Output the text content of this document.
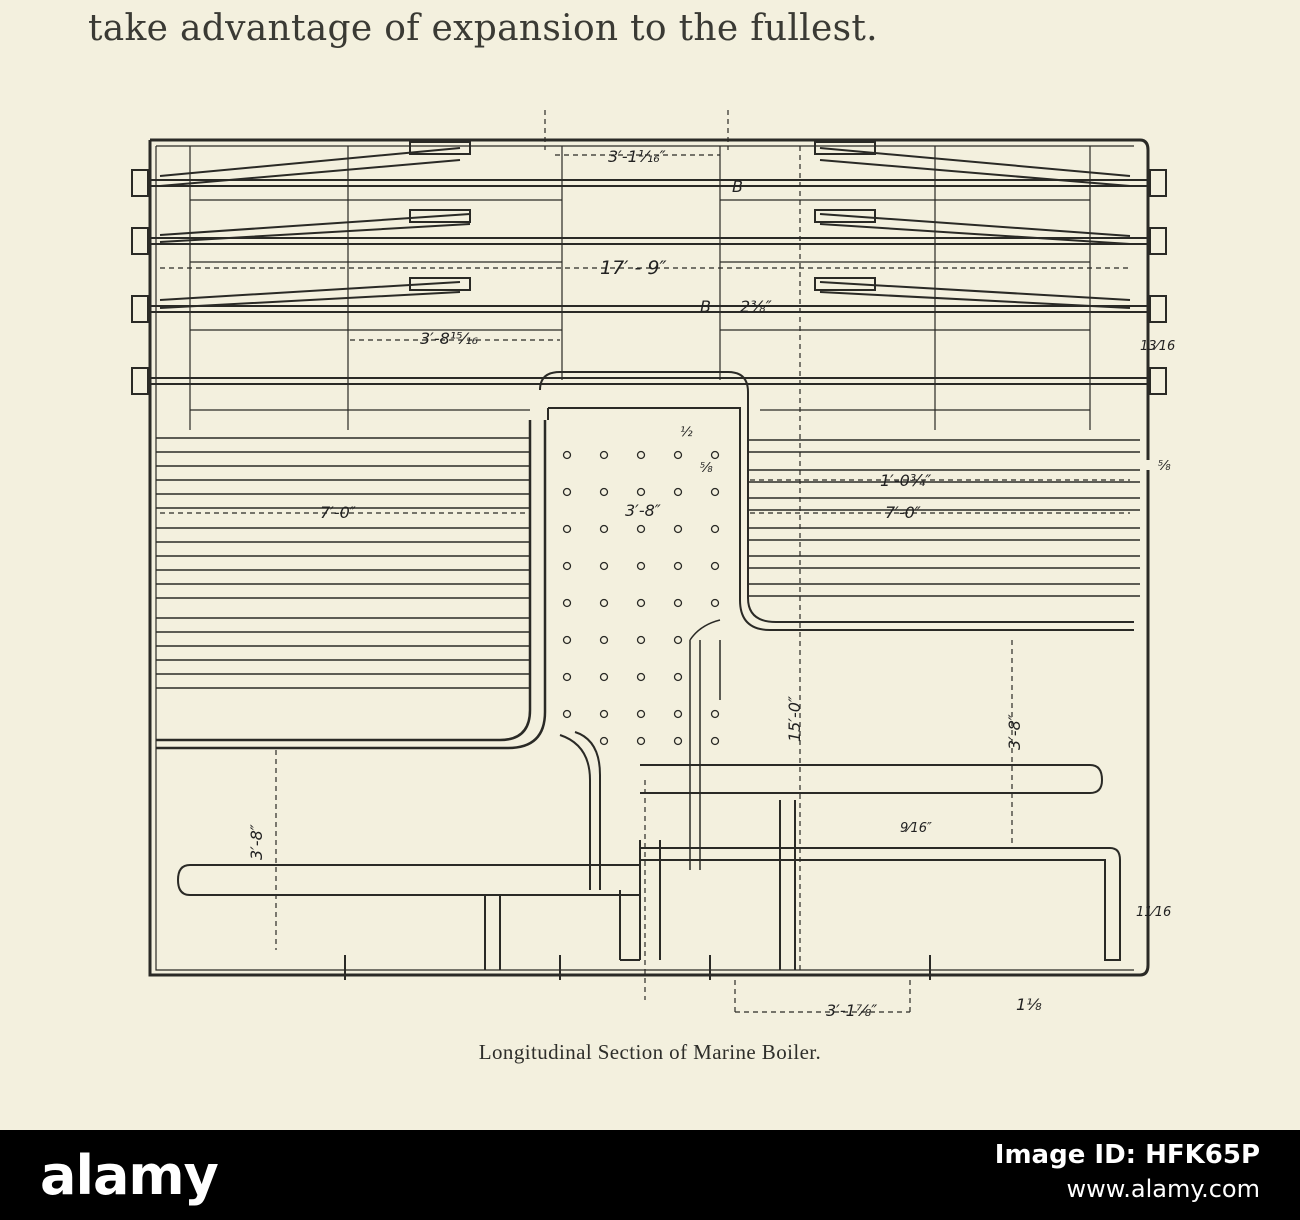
take advantage of expansion to the fullest.
3′-1¹⁄₁₆″
B
17′ - 9″
B 2⅜″
3′-8¹⁵⁄₁₆	13⁄16
½
1′-0¾″
⅝	⅝
7′-0″	7′-0″
3′-8″
9⁄16″
11⁄16
3′-1⅞″	1⅛
3′-8″
3′-8″
15′-0″
Longitudinal Section of Marine Boiler.
alamy	Image ID: HFK65P
www.alamy.com
